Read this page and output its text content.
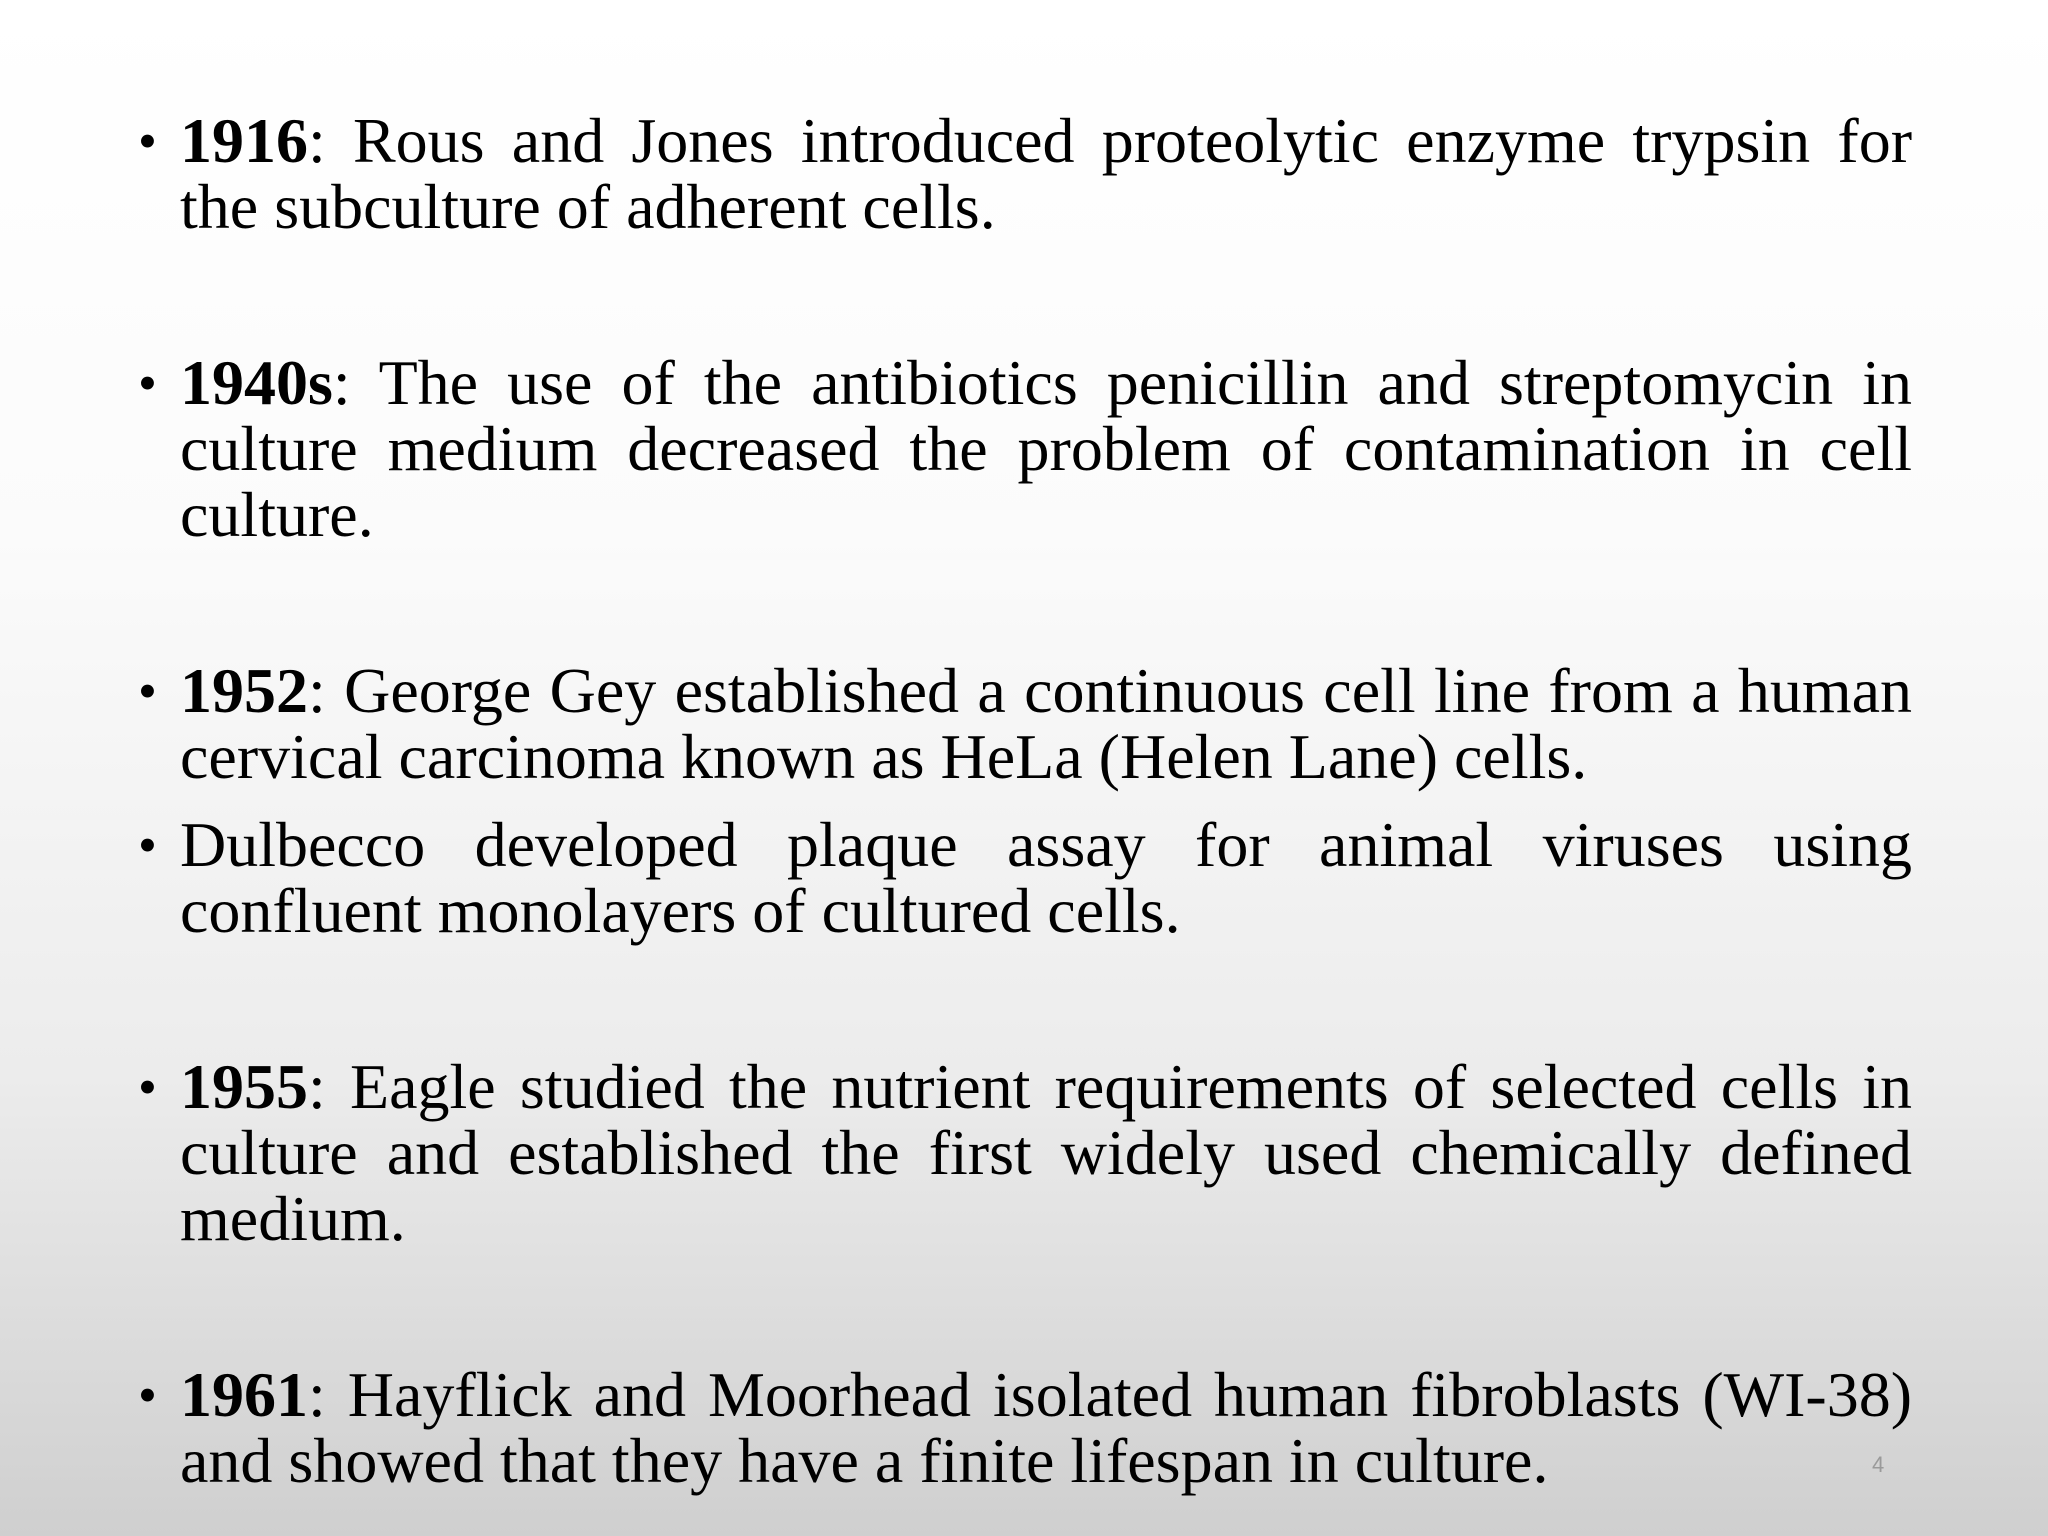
• 1916: Rous and Jones introduced proteolytic enzyme trypsin for the subculture of adherent cells.
• 1940s: The use of the antibiotics penicillin and streptomycin in culture medium decreased the problem of contamination in cell culture.
• 1952: George Gey established a continuous cell line from a human cervical carcinoma known as HeLa (Helen Lane) cells.
• Dulbecco developed plaque assay for animal viruses using confluent monolayers of cultured cells.
• 1955: Eagle studied the nutrient requirements of selected cells in culture and established the first widely used chemically defined medium.
• 1961: Hayflick and Moorhead isolated human fibroblasts (WI-38) and showed that they have a finite lifespan in culture.	4
